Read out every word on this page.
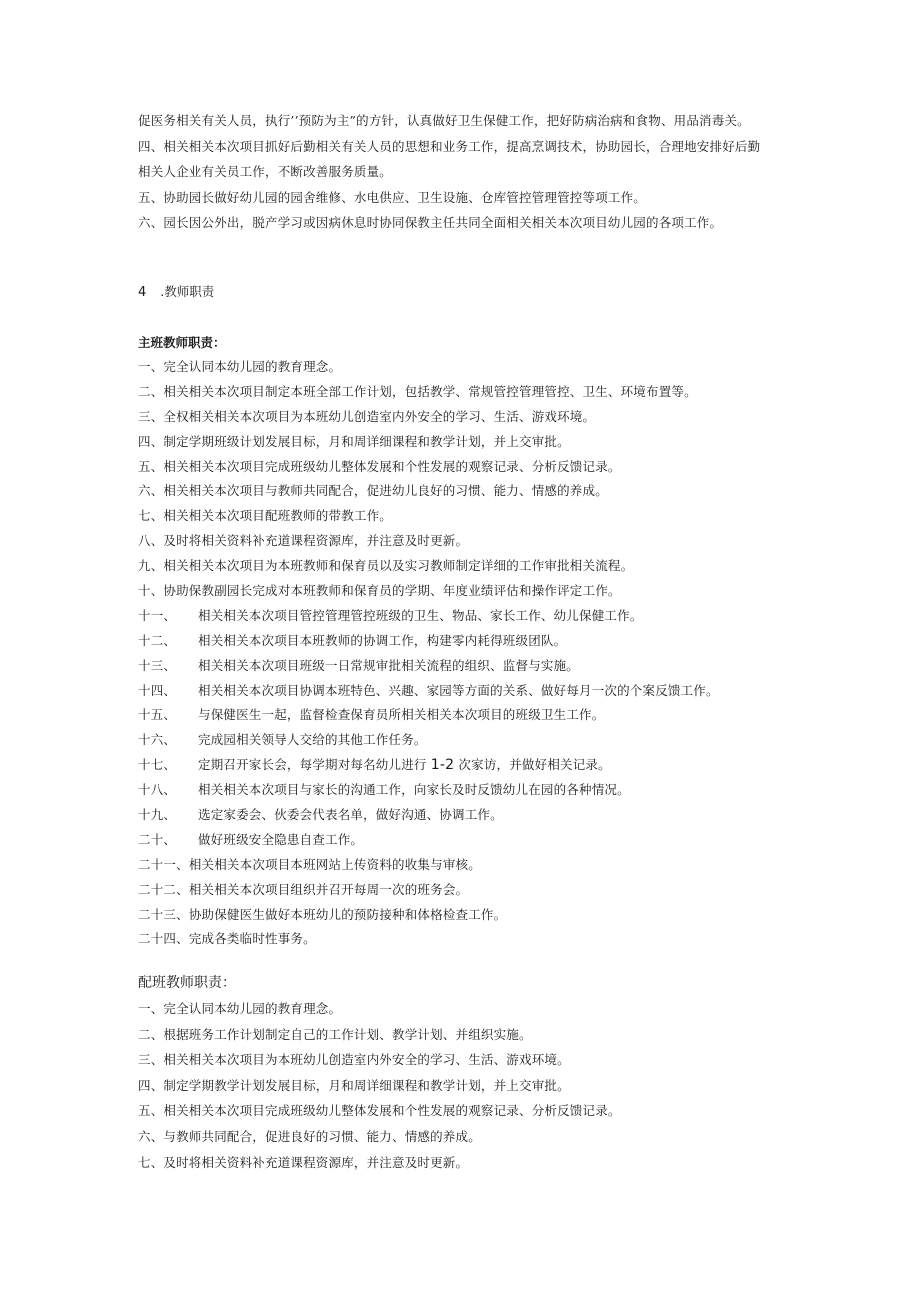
促医务相关有关人员，执行’’预防为主”的方针，认真做好卫生保健工作，把好防病治病和食物、用品消毒关。
四、相关相关本次项目抓好后勤相关有关人员的思想和业务工作，提高烹调技术，协助园长，合理地安排好后勤
相关人企业有关员工作，不断改善服务质量。
五、协助园长做好幼儿园的园舍维修、水电供应、卫生设施、仓库管控管理管控等项工作。
六、园长因公外出，脱产学习或因病休息时协同保教主任共同全面相关相关本次项目幼儿园的各项工作。
4 .教师职责
主班教师职责：
一、完全认同本幼儿园的教育理念。
二、相关相关本次项目制定本班全部工作计划，包括教学、常规管控管理管控、卫生、环境布置等。
三、全权相关相关本次项目为本班幼儿创造室内外安全的学习、生活、游戏环境。
四、制定学期班级计划发展目标，月和周详细课程和教学计划，并上交审批。
五、相关相关本次项目完成班级幼儿整体发展和个性发展的观察记录、分析反馈记录。
六、相关相关本次项目与教师共同配合，促进幼儿良好的习惯、能力、情感的养成。
七、相关相关本次项目配班教师的带教工作。
八、及时将相关资料补充道课程资源库，并注意及时更新。
九、相关相关本次项目为本班教师和保育员以及实习教师制定详细的工作审批相关流程。
十、协助保教副园长完成对本班教师和保育员的学期、年度业绩评估和操作评定工作。
十一、 相关相关本次项目管控管理管控班级的卫生、物品、家长工作、幼儿保健工作。
十二、 相关相关本次项目本班教师的协调工作，构建零内耗得班级团队。
十三、 相关相关本次项目班级一日常规审批相关流程的组织、监督与实施。
十四、 相关相关本次项目协调本班特色、兴趣、家园等方面的关系、做好每月一次的个案反馈工作。
十五、 与保健医生一起，监督检查保育员所相关相关本次项目的班级卫生工作。
十六、 完成园相关领导人交给的其他工作任务。
十七、 定期召开家长会，每学期对每名幼儿进行 1-2 次家访，并做好相关记录。
十八、 相关相关本次项目与家长的沟通工作，向家长及时反馈幼儿在园的各种情况。
十九、 选定家委会、伙委会代表名单，做好沟通、协调工作。
二十、 做好班级安全隐患自查工作。
二十一、相关相关本次项目本班网站上传资料的收集与审核。
二十二、相关相关本次项目组织并召开每周一次的班务会。
二十三、协助保健医生做好本班幼儿的预防接种和体格检查工作。
二十四、完成各类临时性事务。
配班教师职责：
一、完全认同本幼儿园的教育理念。
二、根据班务工作计划制定自己的工作计划、教学计划、并组织实施。
三、相关相关本次项目为本班幼儿创造室内外安全的学习、生活、游戏环境。
四、制定学期教学计划发展目标，月和周详细课程和教学计划，并上交审批。
五、相关相关本次项目完成班级幼儿整体发展和个性发展的观察记录、分析反馈记录。
六、与教师共同配合，促进良好的习惯、能力、情感的养成。
七、及时将相关资料补充道课程资源库，并注意及时更新。
